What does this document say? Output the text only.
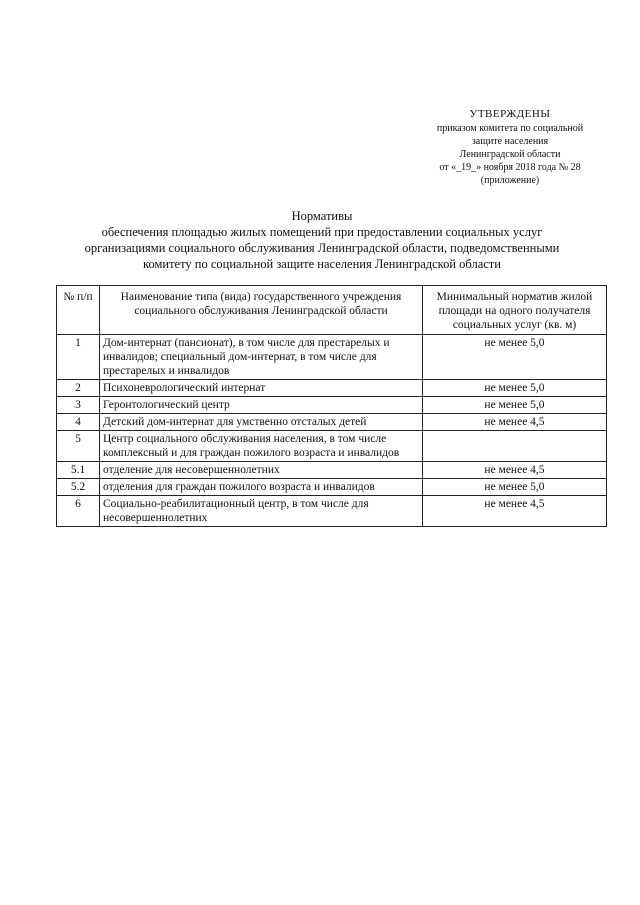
УТВЕРЖДЕНЫ
приказом комитета по социальной
защите населения
Ленинградской области
от «_19_» ноября 2018 года № 28
(приложение)
Нормативы
обеспечения площадью жилых помещений при предоставлении социальных услуг
организациями социального обслуживания Ленинградской области, подведомственными
комитету по социальной защите населения Ленинградской области
№ п/п	Наименование типа (вида) государственного учреждения социального обслуживания Ленинградской области	Минимальный норматив жилой площади на одного получателя социальных услуг (кв. м)
1	Дом-интернат (пансионат), в том числе для престарелых и инвалидов; специальный дом-интернат, в том числе для престарелых и инвалидов	не менее 5,0
2	Психоневрологический интернат	не менее 5,0
3	Геронтологический центр	не менее 5,0
4	Детский дом-интернат для умственно отсталых детей	не менее 4,5
5	Центр социального обслуживания населения, в том числе комплексный и для граждан пожилого возраста и инвалидов	
5.1	отделение для несовершеннолетних	не менее 4,5
5.2	отделения для граждан пожилого возраста и инвалидов	не менее 5,0
6	Социально-реабилитационный центр, в том числе для несовершеннолетних	не менее 4,5
